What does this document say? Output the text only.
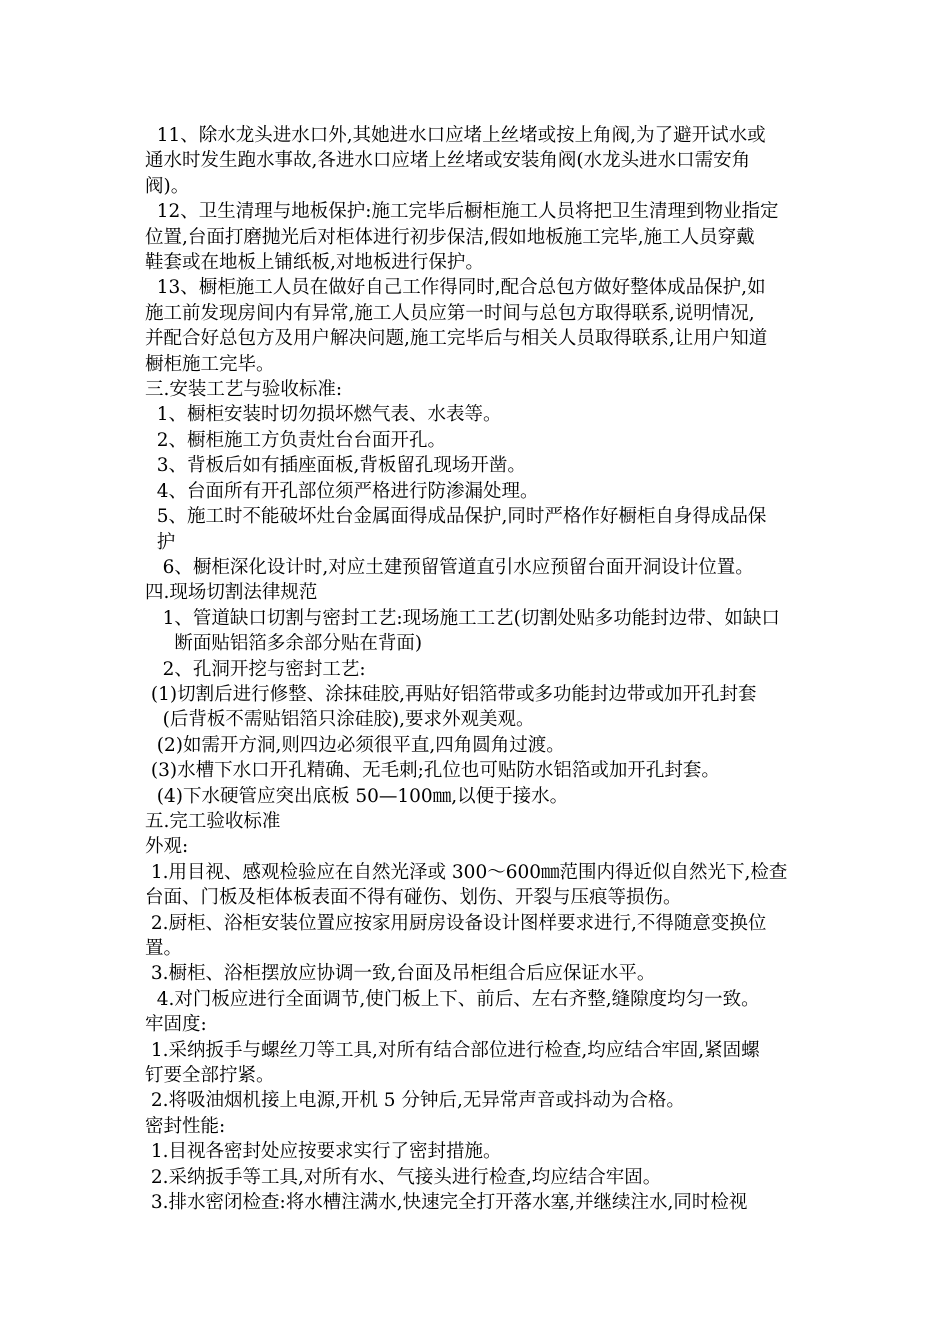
11、除水龙头进水口外,其她进水口应堵上丝堵或按上角阀,为了避开试水或

通水时发生跑水事故,各进水口应堵上丝堵或安装角阀(水龙头进水口需安角

阀)。

12、卫生清理与地板保护:施工完毕后橱柜施工人员将把卫生清理到物业指定

位置,台面打磨抛光后对柜体进行初步保洁,假如地板施工完毕,施工人员穿戴

鞋套或在地板上铺纸板,对地板进行保护。

13、橱柜施工人员在做好自己工作得同时,配合总包方做好整体成品保护,如

施工前发现房间内有异常,施工人员应第一时间与总包方取得联系,说明情况,

并配合好总包方及用户解决问题,施工完毕后与相关人员取得联系,让用户知道

橱柜施工完毕。

三.安装工艺与验收标准:

1、橱柜安装时切勿损坏燃气表、水表等。

2、橱柜施工方负责灶台台面开孔。

3、背板后如有插座面板,背板留孔现场开凿。

4、台面所有开孔部位须严格进行防渗漏处理。

5、施工时不能破坏灶台金属面得成品保护,同时严格作好橱柜自身得成品保

护

6、橱柜深化设计时,对应土建预留管道直引水应预留台面开洞设计位置。

四.现场切割法律规范

1、管道缺口切割与密封工艺:现场施工工艺(切割处贴多功能封边带、如缺口

断面贴铝箔多余部分贴在背面)

2、孔洞开挖与密封工艺:

(1)切割后进行修整、涂抹硅胶,再贴好铝箔带或多功能封边带或加开孔封套

(后背板不需贴铝箔只涂硅胶),要求外观美观。

(2)如需开方洞,则四边必须很平直,四角圆角过渡。

(3)水槽下水口开孔精确、无毛刺;孔位也可贴防水铝箔或加开孔封套。

(4)下水硬管应突出底板 50—100㎜,以便于接水。

五.完工验收标准

外观:

1.用目视、感观检验应在自然光泽或 300～600㎜范围内得近似自然光下,检查

台面、门板及柜体板表面不得有碰伤、划伤、开裂与压痕等损伤。

2.厨柜、浴柜安装位置应按家用厨房设备设计图样要求进行,不得随意变换位

置。

3.橱柜、浴柜摆放应协调一致,台面及吊柜组合后应保证水平。

4.对门板应进行全面调节,使门板上下、前后、左右齐整,缝隙度均匀一致。

牢固度:

1.采纳扳手与螺丝刀等工具,对所有结合部位进行检查,均应结合牢固,紧固螺

钉要全部拧紧。

2.将吸油烟机接上电源,开机 5 分钟后,无异常声音或抖动为合格。

密封性能:

1.目视各密封处应按要求实行了密封措施。

2.采纳扳手等工具,对所有水、气接头进行检查,均应结合牢固。

3.排水密闭检查:将水槽注满水,快速完全打开落水塞,并继续注水,同时检视
